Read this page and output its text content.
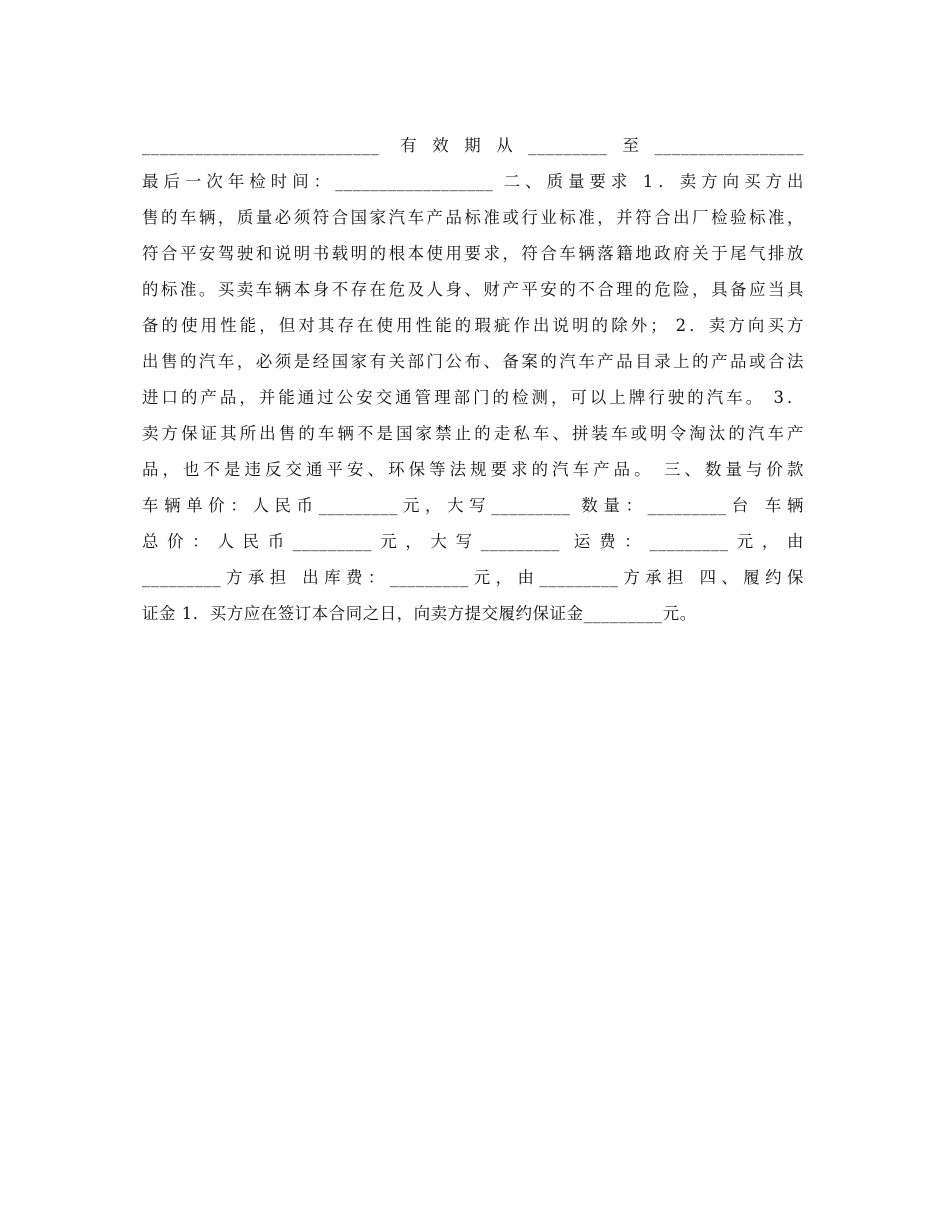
___________________________ 有效期从_________至_________________
最后一次年检时间：__________________ 二、质量要求 1．卖方向买方出
售的车辆，质量必须符合国家汽车产品标准或行业标准，并符合出厂检验标准，
符合平安驾驶和说明书载明的根本使用要求，符合车辆落籍地政府关于尾气排放
的标准。买卖车辆本身不存在危及人身、财产平安的不合理的危险，具备应当具
备的使用性能，但对其存在使用性能的瑕疵作出说明的除外； 2．卖方向买方
出售的汽车，必须是经国家有关部门公布、备案的汽车产品目录上的产品或合法
进口的产品，并能通过公安交通管理部门的检测，可以上牌行驶的汽车。 3．
卖方保证其所出售的车辆不是国家禁止的走私车、拼装车或明令淘汰的汽车产
品，也不是违反交通平安、环保等法规要求的汽车产品。 三、数量与价款
车辆单价：人民币_________元，大写_________ 数量：_________台 车辆
总价：人民币_________元，大写_________ 运费：_________元，由
_________方承担 出库费：_________元，由_________方承担 四、履约保
证金 1．买方应在签订本合同之日，向卖方提交履约保证金_________元。
